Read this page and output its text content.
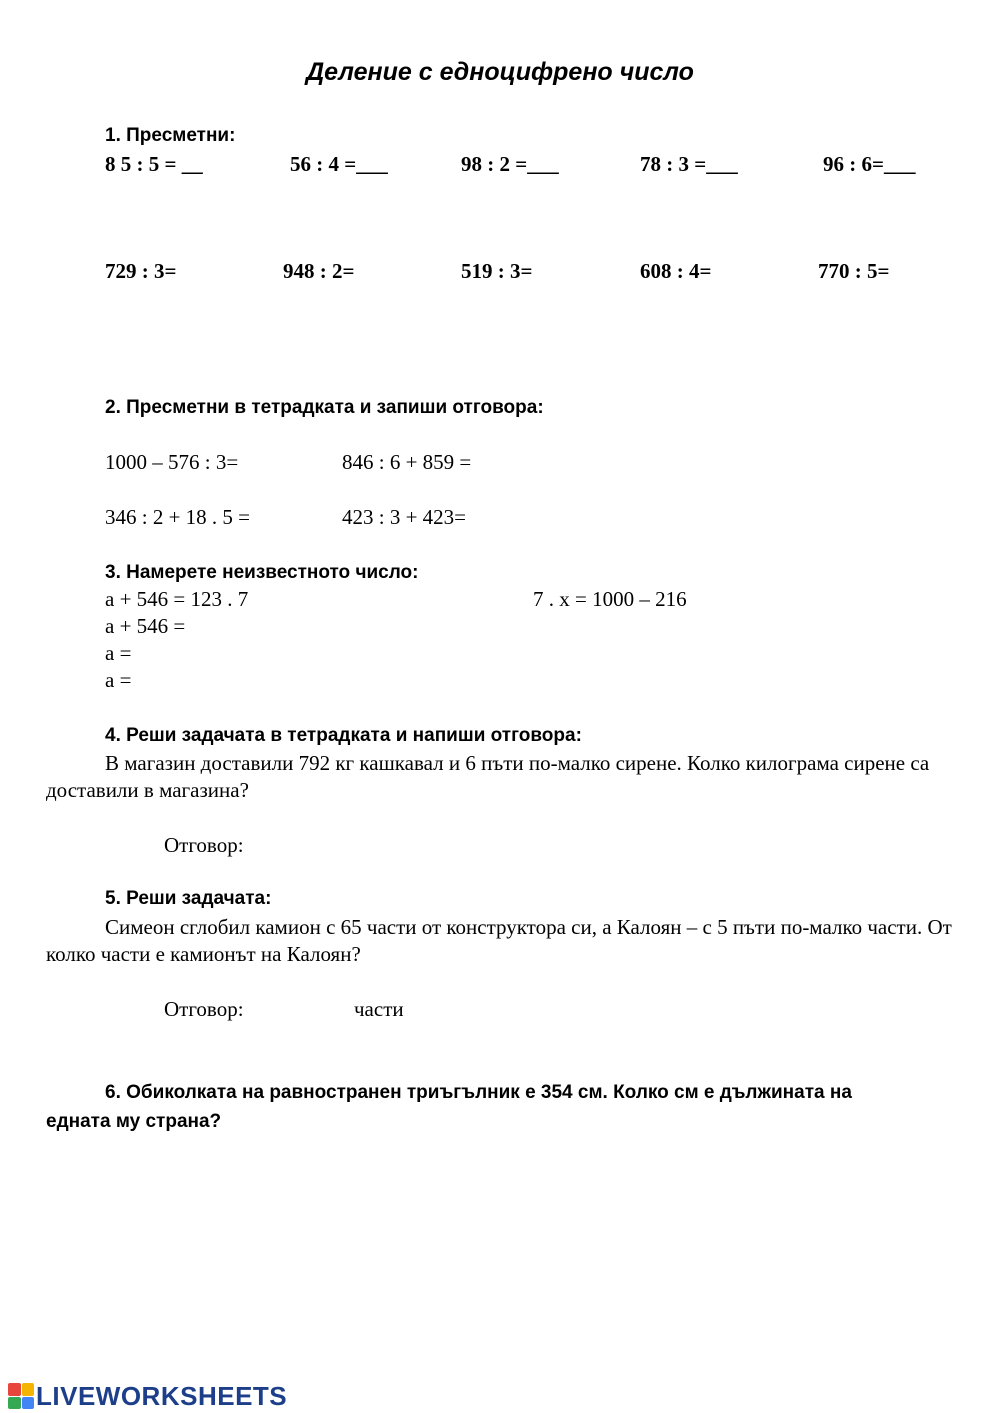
Деление с едноцифрено число
1. Пресметни:
8 5 : 5 = __	56 : 4 =___	98 : 2 =___	78 : 3 =___	96 : 6=___
729 : 3=	948 : 2=	519 : 3=	608 : 4=	770 : 5=
2. Пресметни в тетрадката и запиши отговора:
1000 – 576 : 3=	846 : 6 + 859 =
346 : 2 + 18 . 5 =	423 : 3 + 423=
3. Намерете неизвестното число:
a + 546 = 123 . 7	7 . x = 1000 – 216
a + 546 =
a =
a =
4. Реши задачата в тетрадката и напиши отговора:
В магазин доставили 792 кг кашкавал и 6 пъти по-малко сирене. Колко килограма сирене са доставили в магазина?
Отговор:
5. Реши задачата:
Симеон сглобил камион с 65 части от конструктора си, а Калоян – с 5 пъти по-малко части. От колко части е камионът на Калоян?
Отговор:	части
6. Обиколката на равностранен триъгълник е 354 см. Колко см е дължината на
едната му страна?
LIVEWORKSHEETS
